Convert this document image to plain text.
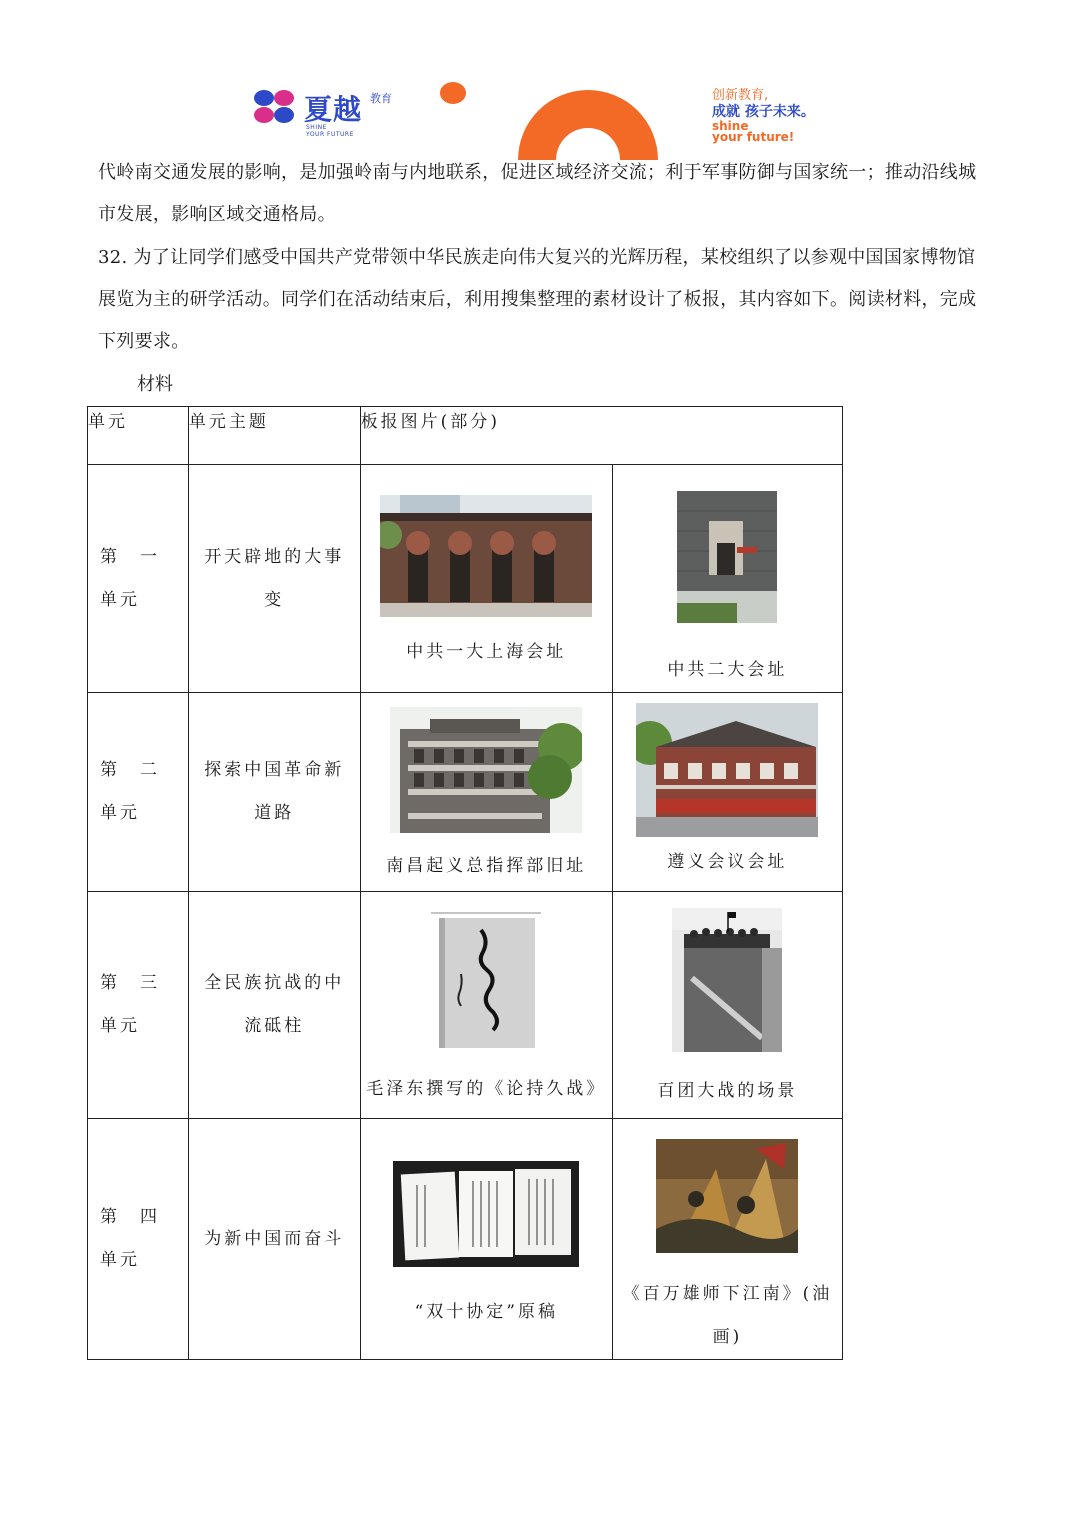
夏越 教育
SHINE
YOUR FUTURE
创新教育,
成就 孩子未来。
shine
your future!
代岭南交通发展的影响，是加强岭南与内地联系，促进区域经济交流；利于军事防御与国家统一；推动沿线城市发展，影响区域交通格局。
32. 为了让同学们感受中国共产党带领中华民族走向伟大复兴的光辉历程，某校组织了以参观中国国家博物馆展览为主的研学活动。同学们在活动结束后，利用搜集整理的素材设计了板报，其内容如下。阅读材料，完成下列要求。
材料
单元	单元主题	板报图片(部分)	

第　一单元	开天辟地的大事变	中共一大上海会址	中共二大会址

第　二单元	探索中国革命新道路	南昌起义总指挥部旧址	遵义会议会址

第　三单元	全民族抗战的中流砥柱	毛泽东撰写的《论持久战》	百团大战的场景

第　四单元	为新中国而奋斗	“双十协定”原稿	《百万雄师下江南》(油画)
